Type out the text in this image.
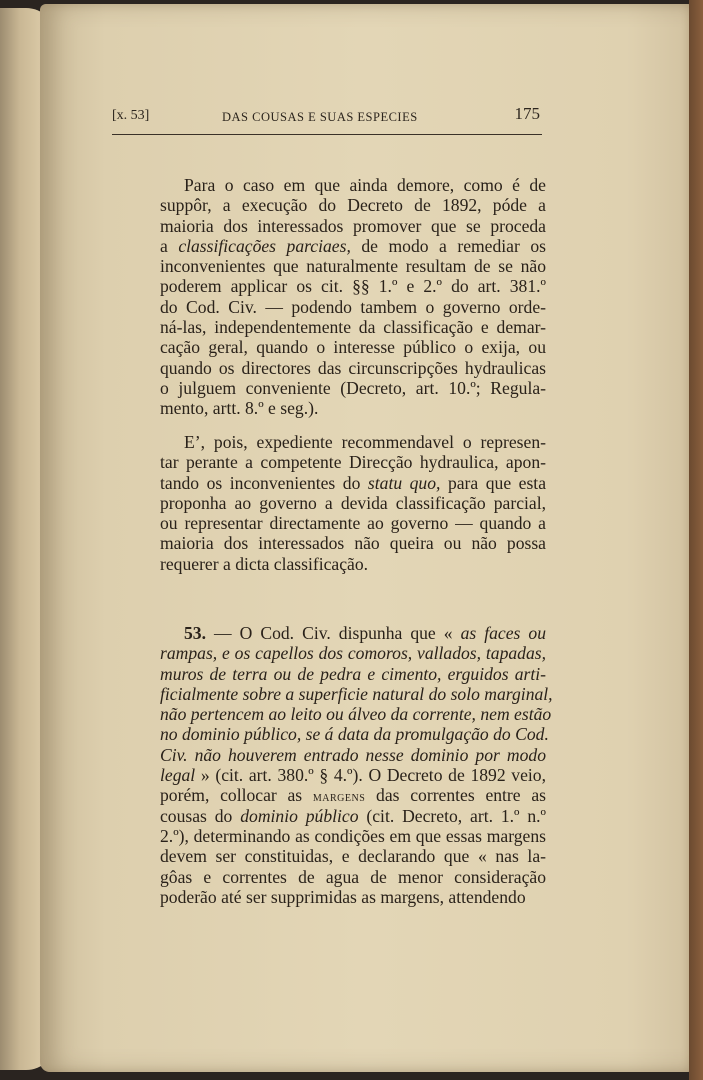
[x. 53]	DAS COUSAS E SUAS ESPECIES	175
Para o caso em que ainda demore, como é de
suppôr, a execução do Decreto de 1892, póde a
maioria dos interessados promover que se proceda
a classificações parciaes, de modo a remediar os
inconvenientes que naturalmente resultam de se não
poderem applicar os cit. §§ 1.º e 2.º do art. 381.º
do Cod. Civ. — podendo tambem o governo orde-
ná-las, independentemente da classificação e demar-
cação geral, quando o interesse público o exija, ou
quando os directores das circunscripções hydraulicas
o julguem conveniente (Decreto, art. 10.º; Regula-
mento, artt. 8.º e seg.).
E’, pois, expediente recommendavel o represen-
tar perante a competente Direcção hydraulica, apon-
tando os inconvenientes do statu quo, para que esta
proponha ao governo a devida classificação parcial,
ou representar directamente ao governo — quando a
maioria dos interessados não queira ou não possa
requerer a dicta classificação.
53. — O Cod. Civ. dispunha que « as faces ou
rampas, e os capellos dos comoros, vallados, tapadas,
muros de terra ou de pedra e cimento, erguidos arti-
ficialmente sobre a superficie natural do solo marginal,
não pertencem ao leito ou álveo da corrente, nem estão
no dominio público, se á data da promulgação do Cod.
Civ. não houverem entrado nesse dominio por modo
legal » (cit. art. 380.º § 4.º). O Decreto de 1892 veio,
porém, collocar as margens das correntes entre as
cousas do dominio público (cit. Decreto, art. 1.º n.º
2.º), determinando as condições em que essas margens
devem ser constituidas, e declarando que « nas la-
gôas e correntes de agua de menor consideração
poderão até ser supprimidas as margens, attendendo
